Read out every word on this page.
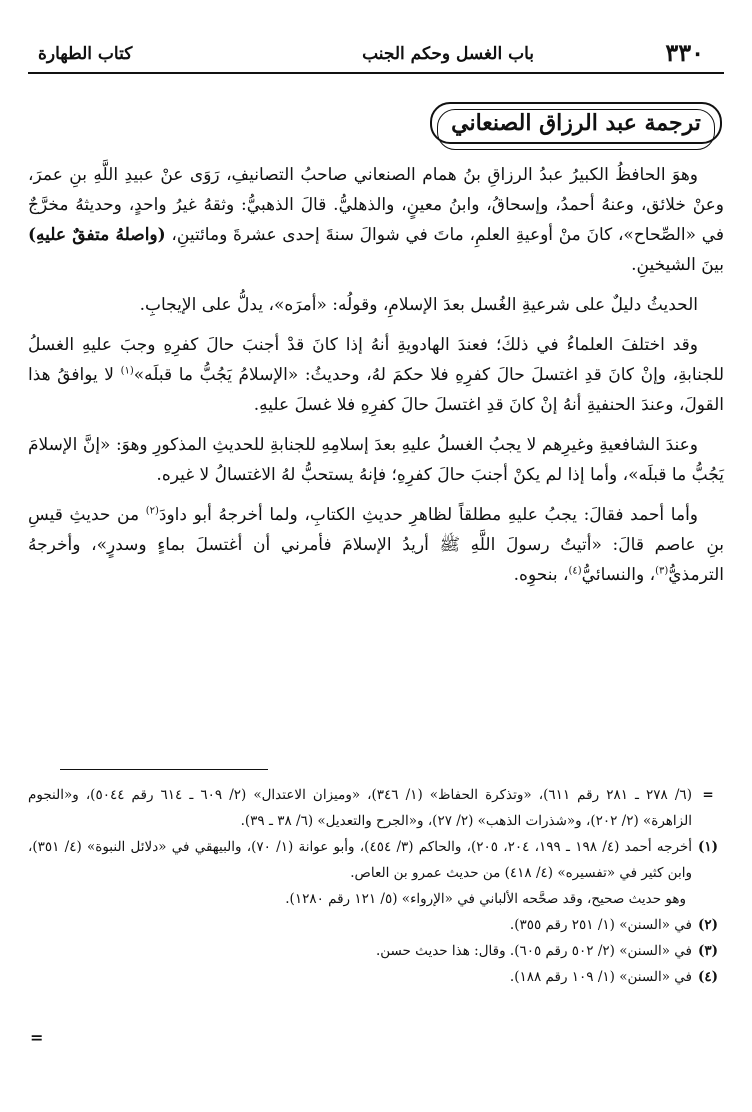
٣٣٠
باب الغسل وحكم الجنب
كتاب الطهارة
ترجمة عبد الرزاق الصنعاني

وهوَ الحافظُ الكبيرُ عبدُ الرزاقِ بنُ همام الصنعاني صاحبُ التصانيفِ، رَوَى عنْ عبيدِ اللَّهِ بنِ عمرَ، وعنْ خلائق، وعنهُ أحمدُ، وإسحاقُ، وابنُ معينٍ، والذهليُّ. قالَ الذهبيُّ: وثقهُ غيرُ واحدٍ، وحديثهُ مخرَّجٌ في «الصِّحاح»، كانَ منْ أوعيةِ العلمِ، ماتَ في شوالَ سنةَ إحدى عشرةَ ومائتينِ، (واصلهُ متفقٌ عليهِ) بينَ الشيخينِ.

الحديثُ دليلٌ على شرعيةِ الغُسل بعدَ الإسلامِ، وقولُه: «أمرَه»، يدلُّ على الإيجابِ.

وقد اختلفَ العلماءُ في ذلكَ؛ فعندَ الهادويةِ أنهُ إذا كانَ قدْ أجنبَ حالَ كفرِهِ وجبَ عليهِ الغسلُ للجنابةِ، وإنْ كانَ قدِ اغتسلَ حالَ كفرِهِ فلا حكمَ لهُ، وحديثُ: «الإسلامُ يَجُبُّ ما قبلَه»$^{(١)}$ لا يوافقُ هذا القولَ، وعندَ الحنفيةِ أنهُ إنْ كانَ قدِ اغتسلَ حالَ كفرِهِ فلا غسلَ عليهِ.

وعندَ الشافعيةِ وغيرِهم لا يجبُ الغسلُ عليهِ بعدَ إسلامِهِ للجنابةِ للحديثِ المذكورِ وهوَ: «إنَّ الإسلامَ يَجُبُّ ما قبلَه»، وأما إذا لم يكنْ أجنبَ حالَ كفرِهِ؛ فإنهُ يستحبُّ لهُ الاغتسالُ لا غيره.

وأما أحمد فقالَ: يجبُ عليهِ مطلقاً لظاهرِ حديثِ الكتابِ، ولما أخرجهُ أبو داودَ$^{(٢)}$ من حديثِ قيسِ بنِ عاصم قالَ: «أتيتُ رسولَ اللَّهِ ﷺ أريدُ الإسلامَ فأمرني أن أغتسلَ بماءٍ وسدرٍ»، وأخرجهُ الترمذيُّ$^{(٣)}$، والنسائيُّ$^{(٤)}$، بنحوِه.

=
(٦/ ٢٧٨ ـ ٢٨١ رقم ٦١١)، «وتذكرة الحفاظ» (١/ ٣٤٦)، «وميزان الاعتدال» (٢/ ٦٠٩ ـ ٦١٤ رقم ٥٠٤٤)، و«النجوم الزاهرة» (٢/ ٢٠٢)، و«شذرات الذهب» (٢/ ٢٧)، و«الجرح والتعديل» (٦/ ٣٨ ـ ٣٩).
(١)
أخرجه أحمد (٤/ ١٩٨ ـ ١٩٩، ٢٠٤، ٢٠٥)، والحاكم (٣/ ٤٥٤)، وأبو عوانة (١/ ٧٠)، والبيهقي في «دلائل النبوة» (٤/ ٣٥١)، وابن كثير في «تفسيره» (٤/ ٤١٨) من حديث عمرو بن العاص.
وهو حديث صحيح، وقد صحَّحه الألباني في «الإرواء» (٥/ ١٢١ رقم ١٢٨٠).
(٢)
في «السنن» (١/ ٢٥١ رقم ٣٥٥).
(٣)
في «السنن» (٢/ ٥٠٢ رقم ٦٠٥). وقال: هذا حديث حسن.
(٤)
في «السنن» (١/ ١٠٩ رقم ١٨٨).
=
